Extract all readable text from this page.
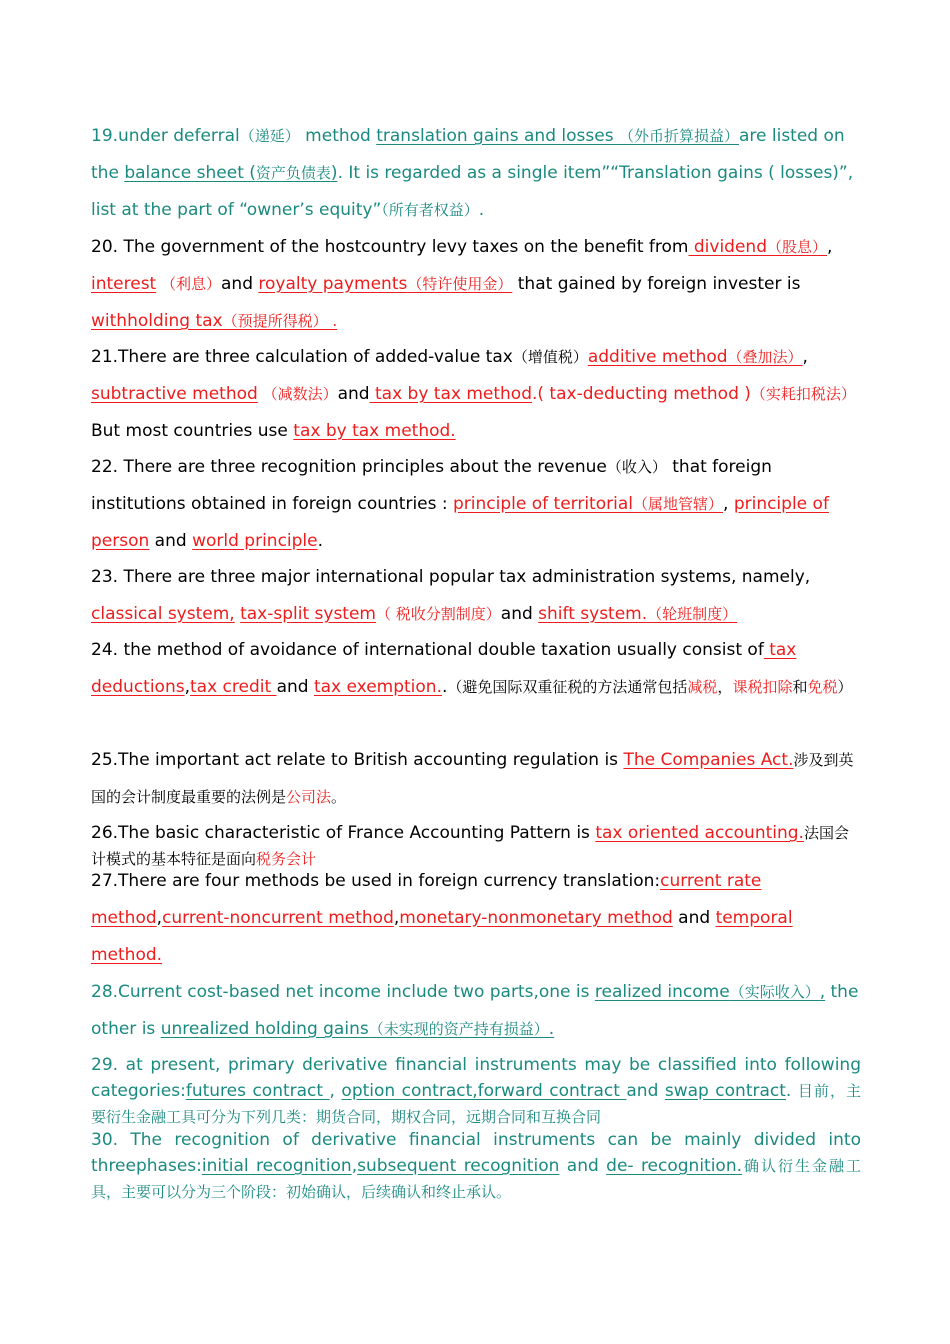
19.under deferral（递延） method translation gains and losses （外币折算损益）are listed on the balance sheet (资产负债表). It is regarded as a single item”“Translation gains ( losses)”, list at the part of “owner’s equity”（所有者权益）.

20. The government of the hostcountry levy taxes on the benefit from dividend（股息）, interest （利息）and royalty payments（特许使用金） that gained by foreign invester is withholding tax（预提所得税） .

21.There are three calculation of added-value tax（增值税）additive method（叠加法）, subtractive method （减数法）and tax by tax method.( tax-deducting method )（实耗扣税法）But most countries use tax by tax method.

22. There are three recognition principles about the revenue（收入） that foreign institutions obtained in foreign countries : principle of territorial（属地管辖）, principle of person and world principle.

23. There are three major international popular tax administration systems, namely, classical system, tax-split system（ 税收分割制度）and shift system.（轮班制度）

24. the method of avoidance of international double taxation usually consist of tax deductions,tax credit and tax exemption..（避免国际双重征税的方法通常包括减税，课税扣除和免税）

25.The important act relate to British accounting regulation is The Companies Act.涉及到英国的会计制度最重要的法例是公司法。

26.The basic characteristic of France Accounting Pattern is tax oriented accounting.法国会计模式的基本特征是面向税务会计

27.There are four methods be used in foreign currency translation:current rate method,current-noncurrent method,monetary-nonmonetary method and temporal method.

28.Current cost-based net income include two parts,one is realized income（实际收入）, the other is unrealized holding gains（未实现的资产持有损益）.

29. at present, primary derivative financial instruments may be classified into following categories:futures contract , option contract,forward contract and swap contract. 目前，主要衍生金融工具可分为下列几类：期货合同，期权合同，远期合同和互换合同

30. The recognition of derivative financial instruments can be mainly divided into threephases:initial recognition,subsequent recognition and de- recognition.确认衍生金融工具，主要可以分为三个阶段：初始确认，后续确认和终止承认。
